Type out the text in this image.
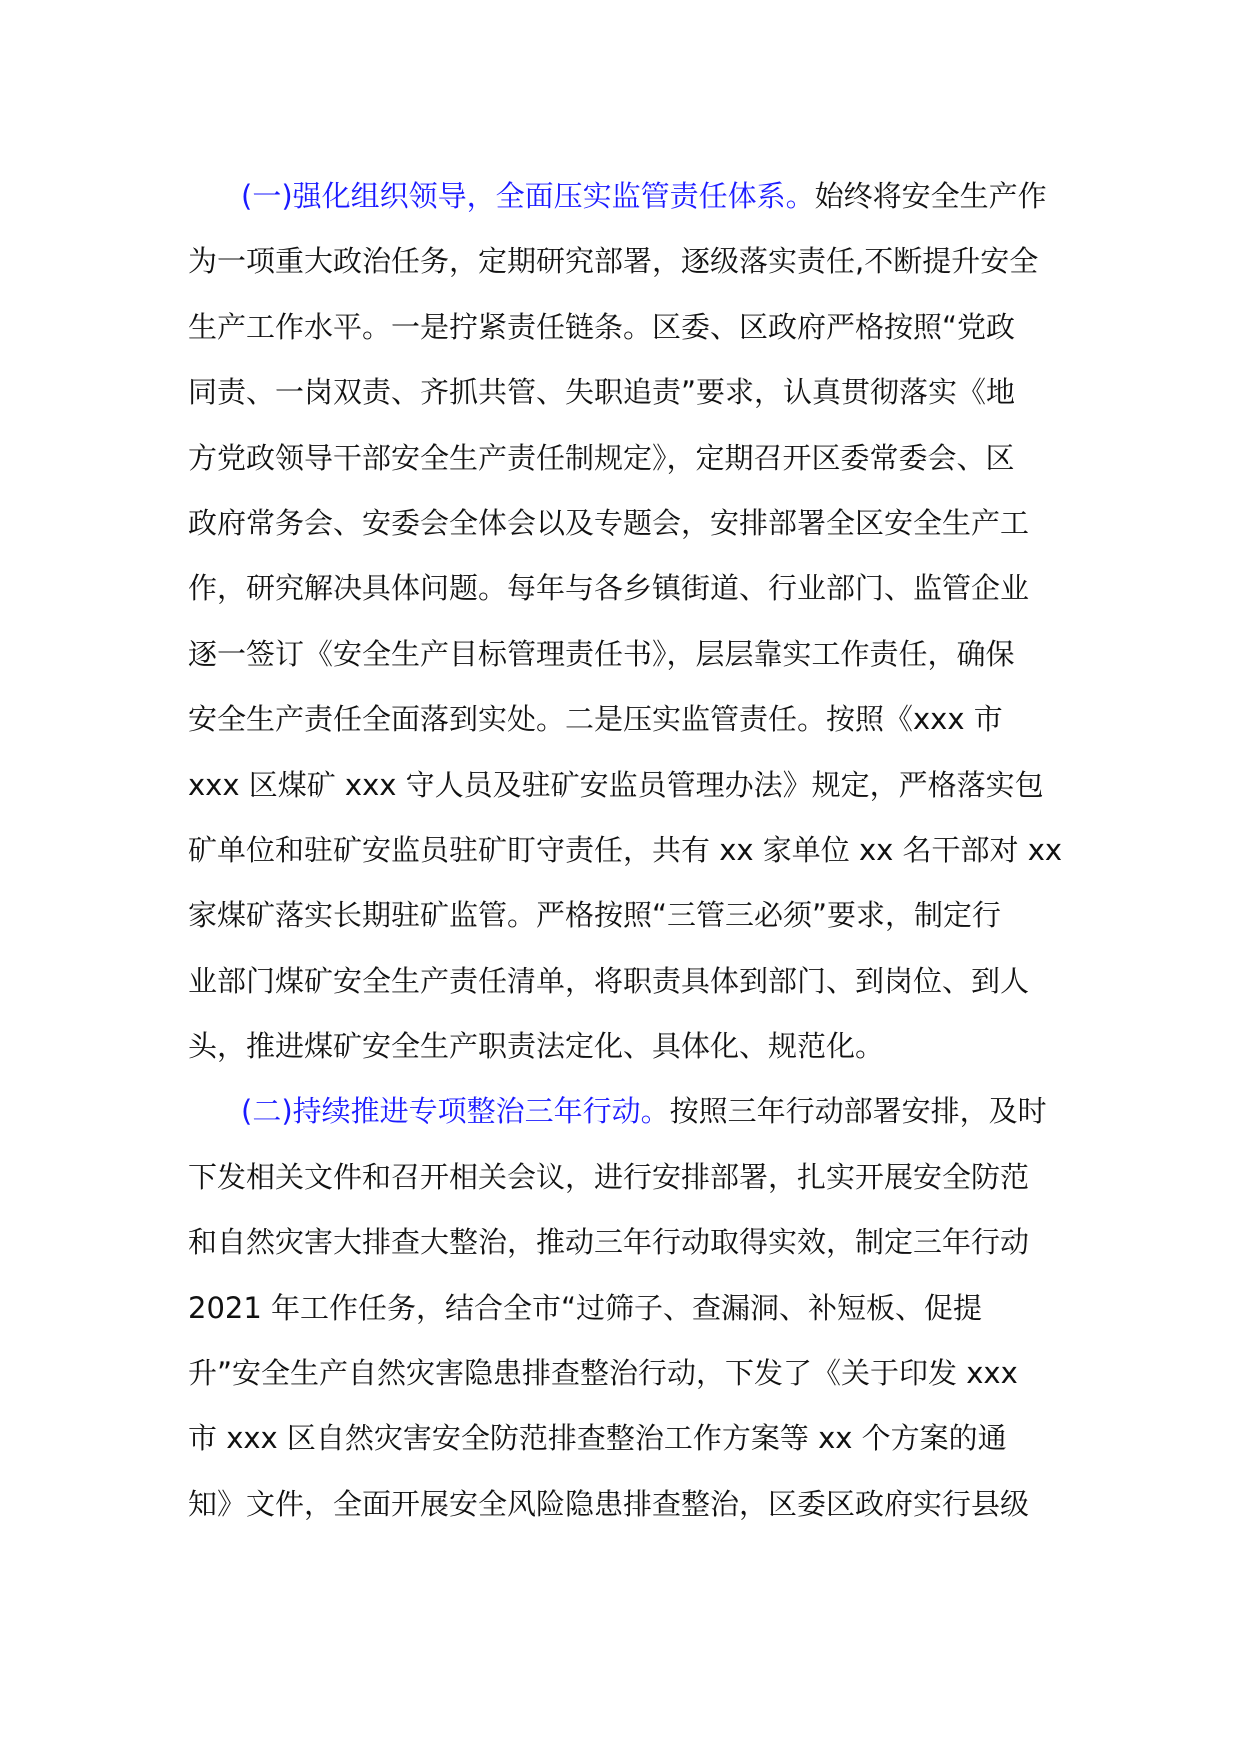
(一)强化组织领导，全面压实监管责任体系。始终将安全生产作
为一项重大政治任务，定期研究部署，逐级落实责任,不断提升安全
生产工作水平。一是拧紧责任链条。区委、区政府严格按照“党政
同责、一岗双责、齐抓共管、失职追责”要求，认真贯彻落实《地
方党政领导干部安全生产责任制规定》，定期召开区委常委会、区
政府常务会、安委会全体会以及专题会，安排部署全区安全生产工
作，研究解决具体问题。每年与各乡镇街道、行业部门、监管企业
逐一签订《安全生产目标管理责任书》，层层靠实工作责任，确保
安全生产责任全面落到实处。二是压实监管责任。按照《xxx 市
xxx 区煤矿 xxx 守人员及驻矿安监员管理办法》规定，严格落实包
矿单位和驻矿安监员驻矿盯守责任，共有 xx 家单位 xx 名干部对 xx
家煤矿落实长期驻矿监管。严格按照“三管三必须”要求，制定行
业部门煤矿安全生产责任清单，将职责具体到部门、到岗位、到人
头，推进煤矿安全生产职责法定化、具体化、规范化。
(二)持续推进专项整治三年行动。按照三年行动部署安排，及时
下发相关文件和召开相关会议，进行安排部署，扎实开展安全防范
和自然灾害大排查大整治，推动三年行动取得实效，制定三年行动
2021 年工作任务，结合全市“过筛子、查漏洞、补短板、促提
升”安全生产自然灾害隐患排查整治行动，下发了《关于印发 xxx
市 xxx 区自然灾害安全防范排查整治工作方案等 xx 个方案的通
知》文件，全面开展安全风险隐患排查整治，区委区政府实行县级
